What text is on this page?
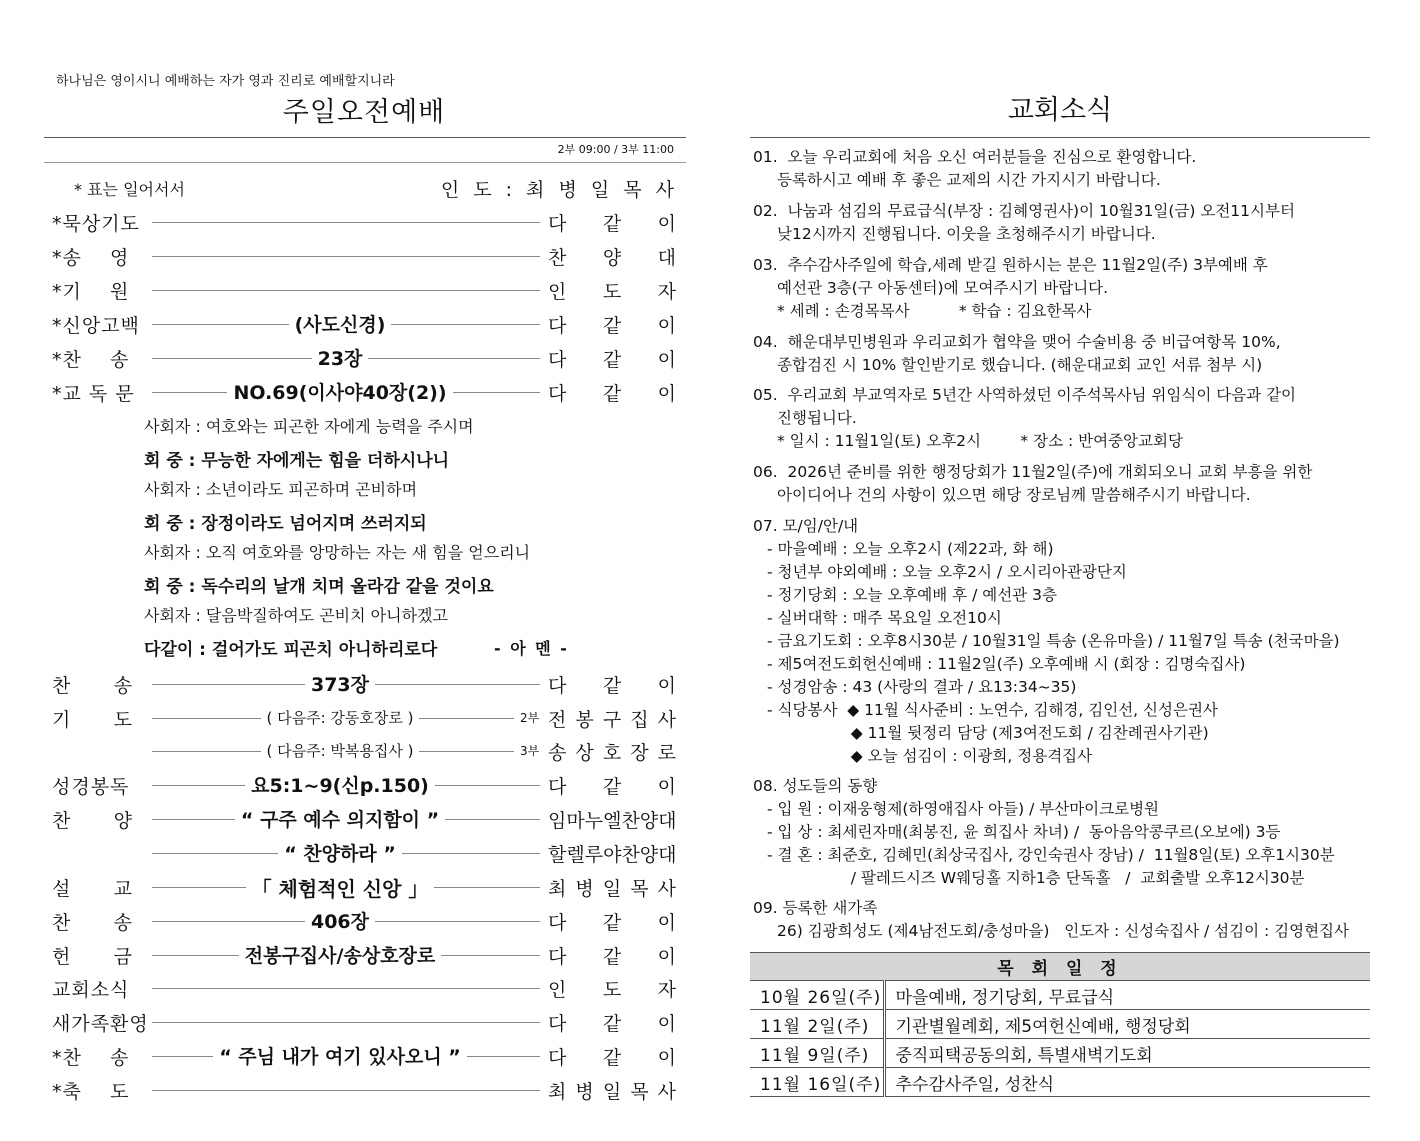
하나님은 영이시니 예배하는 자가 영과 진리로 예배할지니라
주일오전예배
2부 09:00 / 3부 11:00
* 표는 일어서서	인 도 : 최 병 일 목 사
*묵상기도	다 같 이
*송    영	찬 양 대
*기    원	인 도 자
*신앙고백	(사도신경)	다 같 이
*찬    송	23장	다 같 이
*교 독 문	NO.69(이사야40장(2))	다 같 이
사회자 : 여호와는 피곤한 자에게 능력을 주시며
회 중 : 무능한 자에게는 힘을 더하시나니
사회자 : 소년이라도 피곤하며 곤비하며
회 중 : 장정이라도 넘어지며 쓰러지되
사회자 : 오직 여호와를 앙망하는 자는 새 힘을 얻으리니
회 중 : 독수리의 날개 치며 올라감 같을 것이요
사회자 : 달음박질하여도 곤비치 아니하겠고
다같이 : 걸어가도 피곤치 아니하리로다	- 아 멘 -
찬      송	373장	다 같 이
기      도	( 다음주: 강동호장로 )	2부 전 봉 구 집 사
( 다음주: 박복용집사 )	3부 송 상 호 장 로
성경봉독	요5:1~9(신p.150)	다 같 이
찬      양	“ 구주 예수 의지함이 ”	임 마 누 엘 찬 양 대
“ 찬양하라 ”	할 렐 루 야 찬 양 대
설      교	「 체험적인 신앙 」	최 병 일 목 사
찬      송	406장	다 같 이
헌      금	전봉구집사/송상호장로	다 같 이
교회소식	인 도 자
새가족환영	다 같 이
*찬    송	“ 주님 내가 여기 있사오니 ”	다 같 이
*축    도	최 병 일 목 사
교회소식

01.  오늘 우리교회에 처음 오신 여러분들을 진심으로 환영합니다.

등록하시고 예배 후 좋은 교제의 시간 가지시기 바랍니다.

02.  나눔과 섬김의 무료급식(부장 : 김혜영권사)이 10월31일(금) 오전11시부터

낮12시까지 진행됩니다. 이웃을 초청해주시기 바랍니다.

03.  추수감사주일에 학습,세례 받길 원하시는 분은 11월2일(주) 3부예배 후

예선관 3층(구 아동센터)에 모여주시기 바랍니다.

* 세례 : 손경목목사          * 학습 : 김요한목사

04.  해운대부민병원과 우리교회가 협약을 맺어 수술비용 중 비급여항목 10%,

종합검진 시 10% 할인받기로 했습니다. (해운대교회 교인 서류 첨부 시)

05.  우리교회 부교역자로 5년간 사역하셨던 이주석목사님 위임식이 다음과 같이

진행됩니다.

* 일시 : 11월1일(토) 오후2시        * 장소 : 반여중앙교회당

06.  2026년 준비를 위한 행정당회가 11월2일(주)에 개회되오니 교회 부흥을 위한

아이디어나 건의 사항이 있으면 해당 장로님께 말씀해주시기 바랍니다.

07. 모/임/안/내

- 마을예배 : 오늘 오후2시 (제22과, 화 해)

- 청년부 야외예배 : 오늘 오후2시 / 오시리아관광단지

- 정기당회 : 오늘 오후예배 후 / 예선관 3층

- 실버대학 : 매주 목요일 오전10시

- 금요기도회 : 오후8시30분 / 10월31일 특송 (온유마을) / 11월7일 특송 (천국마을)

- 제5여전도회헌신예배 : 11월2일(주) 오후예배 시 (회장 : 김명숙집사)

- 성경암송 : 43 (사랑의 결과 / 요13:34~35)

- 식당봉사  ◆ 11월 식사준비 : 노연수, 김해경, 김인선, 신성은권사

◆ 11월 뒷정리 담당 (제3여전도회 / 김찬례권사기관)

◆ 오늘 섬김이 : 이광희, 정용격집사

08. 성도들의 동향

- 입 원 : 이재웅형제(하영애집사 아들) / 부산마이크로병원

- 입 상 : 최세린자매(최봉진, 윤 희집사 차녀) /  동아음악콩쿠르(오보에) 3등

- 결 혼 : 최준호, 김혜민(최상국집사, 강인숙권사 장남) /  11월8일(토) 오후1시30분

/ 팔레드시즈 W웨딩홀 지하1층 단독홀   /  교회출발 오후12시30분

09. 등록한 새가족

26) 김광희성도 (제4남전도회/충성마을)   인도자 : 신성숙집사 / 섬김이 : 김영현집사

목 회 일 정	
10월 26일(주)	마을예배, 정기당회, 무료급식
11월 2일(주)	기관별월례회, 제5여헌신예배, 행정당회
11월 9일(주)	중직피택공동의회, 특별새벽기도회
11월 16일(주)	추수감사주일, 성찬식
